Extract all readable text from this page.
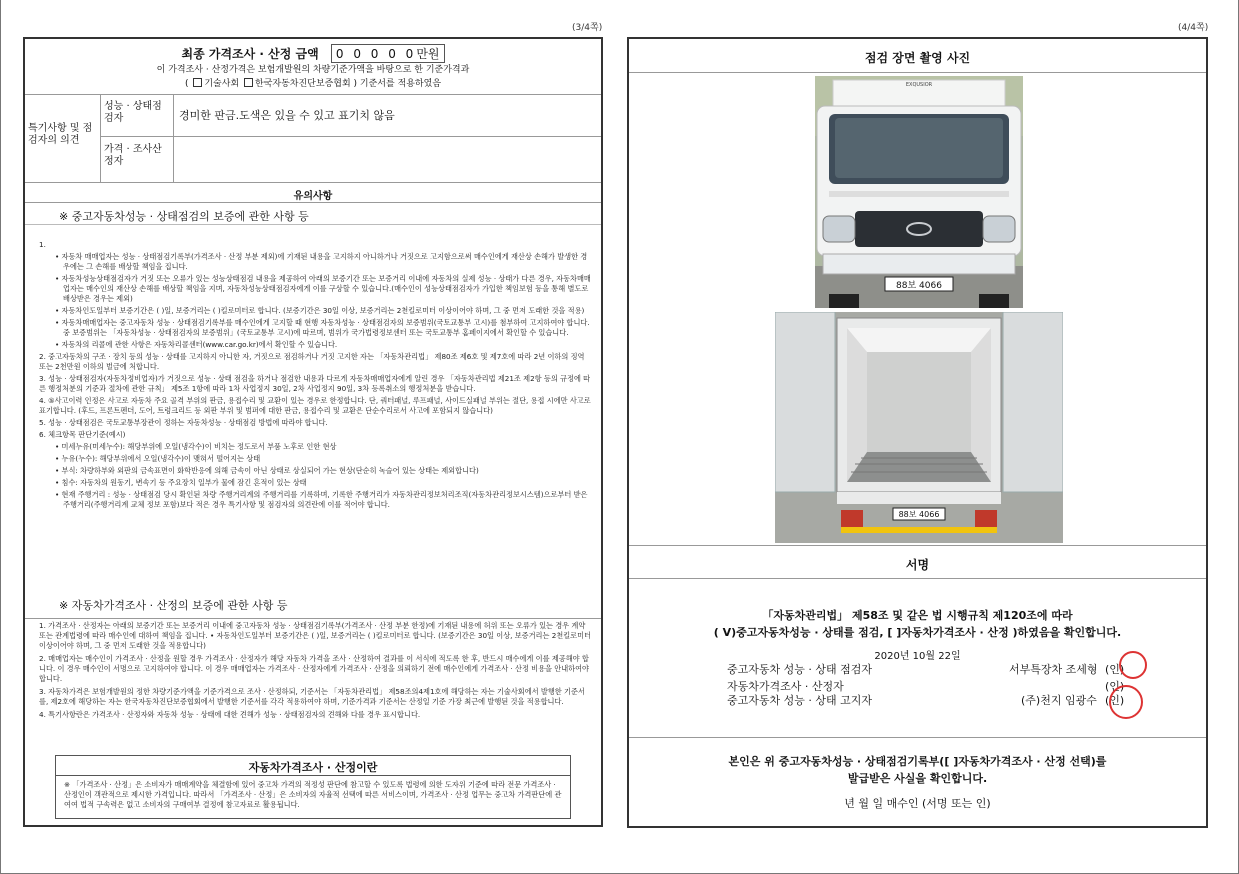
(3/4쪽)
최종 가격조사 · 산정 금액 0 0 0 0 0만원
이 가격조사 · 산정가격은 보험개발원의 차량기준가액을 바탕으로 한 기준가격과
( 기술사회 한국자동차진단보증협회 ) 기준서를 적용하였음
특기사항 및 점검자의 의견
성능 · 상태점검자	경미한 판금.도색은 있을 수 있고 표기치 않음
가격 · 조사산정자
유의사항
※ 중고자동차성능 · 상태점검의 보증에 관한 사항 등
1.
• 자동차 매매업자는 성능 · 상태점검기록부(가격조사 · 산정 부분 제외)에 기재된 내용을 고지하지 아니하거나 거짓으로 고지함으로써 매수인에게 재산상 손해가 발생한 경우에는 그 손해를 배상할 책임을 집니다.
• 자동차성능상태점검자가 거짓 또는 오류가 있는 성능상태점검 내용을 제공하여 아래의 보증기간 또는 보증거리 이내에 자동차의 실제 성능 · 상태가 다른 경우, 자동차매매업자는 매수인의 재산상 손해를 배상할 책임을 지며, 자동차성능상태점검자에게 이를 구상할 수 있습니다.(매수인이 성능상태점검자가 가입한 책임보험 등을 통해 별도로 배상받은 경우는 제외)
• 자동차인도일부터 보증기간은 ( )일, 보증거리는 ( )킬로미터로 합니다. (보증기간은 30일 이상, 보증거리는 2천킬로미터 이상이어야 하며, 그 중 먼저 도래한 것을 적용)
• 자동차매매업자는 중고자동차 성능 · 상태점검기록부를 매수인에게 고지할 때 현행 자동차성능 · 상태점검자의 보증범위(국토교통부 고시)를 첨부하여 고지하여야 합니다. 중 보증범위는 「자동차성능 · 상태점검자의 보증범위」(국토교통부 고시)에 따르며, 범위가 국가법령정보센터 또는 국토교통부 홈페이지에서 확인할 수 있습니다.
• 자동차의 리콜에 관한 사항은 자동차리콜센터(www.car.go.kr)에서 확인할 수 있습니다.
2. 중고자동차의 구조 · 장치 등의 성능 · 상태를 고지하지 아니한 자, 거짓으로 점검하거나 거짓 고지한 자는 「자동차관리법」 제80조 제6호 및 제7호에 따라 2년 이하의 징역 또는 2천만원 이하의 벌금에 처합니다.
3. 성능 · 상태점검자(자동차정비업자)가 거짓으로 성능 · 상태 점검을 하거나 점검한 내용과 다르게 자동차매매업자에게 알린 경우 「자동차관리법 제21조 제2항 등의 규정에 따른 행정처분의 기준과 절차에 관한 규칙」 제5조 1항에 따라 1차 사업정지 30일, 2차 사업정지 90일, 3차 등록취소의 행정처분을 받습니다.
4. ⑤사고이력 인정은 사고로 자동차 주요 골격 부위의 판금, 용접수리 및 교환이 있는 경우로 한정합니다. 단, 쿼터패널, 루프패널, 사이드실패널 부위는 절단, 용접 시에만 사고로 표기합니다. (후드, 프론트펜더, 도어, 트렁크리드 등 외판 부위 및 범퍼에 대한 판금, 용접수리 및 교환은 단순수리로서 사고에 포함되지 않습니다)
5. 성능 · 상태점검은 국토교통부장관이 정하는 자동차성능 · 상태점검 방법에 따라야 합니다.
6. 체크항목 판단기준(예시)
• 미세누유(미세누수): 해당부위에 오일(냉각수)이 비치는 정도로서 부품 노후로 인한 현상
• 누유(누수): 해당부위에서 오일(냉각수)이 맺혀서 떨어지는 상태
• 부식: 차량하부와 외판의 금속표면이 화학반응에 의해 금속이 아닌 상태로 상실되어 가는 현상(단순히 녹슬어 있는 상태는 제외합니다)
• 침수: 자동차의 원동기, 변속기 등 주요장치 일부가 물에 잠긴 흔적이 있는 상태
• 현재 주행거리 : 성능 · 상태점검 당시 확인된 차량 주행거리계의 주행거리를 기록하며, 기록한 주행거리가 자동차관리정보처리조직(자동차관리정보시스템)으로부터 받은 주행거리(주행거리계 교체 정보 포함)보다 적은 경우 특기사항 및 점검자의 의견란에 이를 적어야 합니다.
※ 자동차가격조사 · 산정의 보증에 관한 사항 등
1. 가격조사 · 산정자는 아래의 보증기간 또는 보증거리 이내에 중고자동차 성능 · 상태점검기록부(가격조사 · 산정 부분 한정)에 기재된 내용에 허위 또는 오류가 있는 경우 계약 또는 관계법령에 따라 매수인에 대하여 책임을 집니다. • 자동차인도일부터 보증기간은 ( )일, 보증거리는 ( )킬로미터로 합니다. (보증기간은 30일 이상, 보증거리는 2천킬로미터 이상이어야 하며, 그 중 먼저 도래한 것을 적용합니다)
2. 매매업자는 매수인이 가격조사 · 산정을 원할 경우 가격조사 · 산정자가 해당 자동차 가격을 조사 · 산정하여 결과를 이 서식에 적도록 한 후, 반드시 매수에게 이를 제공해야 합니다. 이 경우 매수인이 서명으로 고지하여야 합니다. 이 경우 매매업자는 가격조사 · 산정자에게 가격조사 · 산정을 의뢰하기 전에 매수인에게 가격조사 · 산정 비용을 안내하여야 합니다.
3. 자동차가격은 보험개발원의 정한 차량기준가액을 기준가격으로 조사 · 산정하되, 기준서는 「자동차관리법」 제58조의4제1호에 해당하는 자는 기술사회에서 발행한 기준서를, 제2호에 해당하는 자는 한국자동차진단보증협회에서 발행한 기준서를 각각 적용하여야 하며, 기준가격과 기준서는 산정일 기준 가장 최근에 발행된 것을 적용합니다.
4. 특기사항란은 가격조사 · 산정자와 자동차 성능 · 상태에 대한 견해가 성능 · 상태점검자의 견해와 다를 경우 표시합니다.
자동차가격조사 · 산정이란
※ 「가격조사 · 산정」은 소비자가 매매계약을 체결함에 있어 중고차 가격의 적정성 판단에 참고할 수 있도록 법령에 의한 도자위 기준에 따라 전문 가격조사 · 산정인이 객관적으로 제시한 가격입니다. 따라서 「가격조사 · 산정」은 소비자의 자율적 선택에 따른 서비스이며, 가격조사 · 산정 업무는 중고차 가격판단에 관여여 법적 구속력은 없고 소비자의 구매여부 결정에 참고자료로 활용됩니다.
(4/4쪽)
점검 장면 촬영 사진
EXQUSIOR
88보 4066
88보 4066
서명
「자동차관리법」 제58조 및 같은 법 시행규칙 제120조에 따라
( V)중고자동차성능 · 상태를 점검, [ ]자동차가격조사 · 산정 )하였음을 확인합니다.
2020년 10월 22일
중고자동차 성능 · 상태 점검자	서부특장차 조세형 (인)
자동차가격조사 · 산정자	(인)
중고자동차 성능 · 상태 고지자	(주)천지 임광수 (인)
본인은 위 중고자동차성능 · 상태점검기록부([ ]자동차가격조사 · 산정 선택)를
발급받은 사실을 확인합니다.
년 월 일 매수인 (서명 또는 인)
